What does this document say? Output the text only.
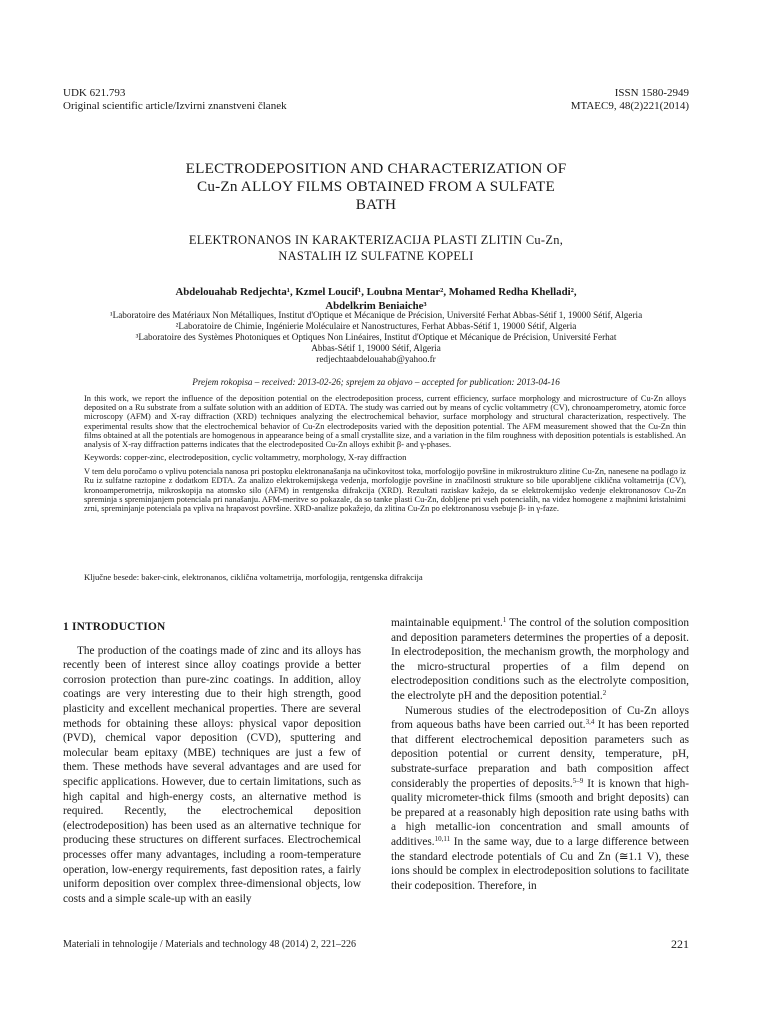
UDK 621.793
Original scientific article/Izvirni znanstveni članek
ISSN 1580-2949
MTAEC9, 48(2)221(2014)
ELECTRODEPOSITION AND CHARACTERIZATION OF
Cu-Zn ALLOY FILMS OBTAINED FROM A SULFATE
BATH
ELEKTRONANOS IN KARAKTERIZACIJA PLASTI ZLITIN Cu-Zn,
NASTALIH IZ SULFATNE KOPELI
Abdelouahab Redjechta¹, Kzmel Loucif¹, Loubna Mentar², Mohamed Redha Khelladi²,
Abdelkrim Beniaiche³
¹Laboratoire des Matériaux Non Métalliques, Institut d'Optique et Mécanique de Précision, Université Ferhat Abbas-Sétif 1, 19000 Sétif, Algeria
²Laboratoire de Chimie, Ingénierie Moléculaire et Nanostructures, Ferhat Abbas-Sétif 1, 19000 Sétif, Algeria
³Laboratoire des Systèmes Photoniques et Optiques Non Linéaires, Institut d'Optique et Mécanique de Précision, Université Ferhat
Abbas-Sétif 1, 19000 Sétif, Algeria
redjechtaabdelouahab@yahoo.fr
Prejem rokopisa – received: 2013-02-26; sprejem za objavo – accepted for publication: 2013-04-16
In this work, we report the influence of the deposition potential on the electrodeposition process, current efficiency, surface morphology and microstructure of Cu-Zn alloys deposited on a Ru substrate from a sulfate solution with an addition of EDTA. The study was carried out by means of cyclic voltammetry (CV), chronoamperometry, atomic force microscopy (AFM) and X-ray diffraction (XRD) techniques analyzing the electrochemical behavior, surface morphology and structural characterization, respectively. The experimental results show that the electrochemical behavior of Cu-Zn electrodeposits varied with the deposition potential. The AFM measurement showed that the Cu-Zn thin films obtained at all the potentials are homogenous in appearance being of a small crystallite size, and a variation in the film roughness with deposition potentials is established. An analysis of X-ray diffraction patterns indicates that the electrodeposited Cu-Zn alloys exhibit β- and γ-phases.
Keywords: copper-zinc, electrodeposition, cyclic voltammetry, morphology, X-ray diffraction
V tem delu poročamo o vplivu potenciala nanosa pri postopku elektronanašanja na učinkovitost toka, morfologijo površine in mikrostrukturo zlitine Cu-Zn, nanesene na podlago iz Ru iz sulfatne raztopine z dodatkom EDTA. Za analizo elektrokemijskega vedenja, morfologije površine in značilnosti strukture so bile uporabljene ciklična voltametrija (CV), kronoamperometrija, mikroskopija na atomsko silo (AFM) in rentgenska difrakcija (XRD). Rezultati raziskav kažejo, da se elektrokemijsko vedenje elektronanosov Cu-Zn spreminja s spreminjanjem potenciala pri nanašanju. AFM-meritve so pokazale, da so tanke plasti Cu-Zn, dobljene pri vseh potencialih, na videz homogene z majhnimi kristalnimi zrni, spreminjanje potenciala pa vpliva na hrapavost površine. XRD-analize pokažejo, da zlitina Cu-Zn po elektronanosu vsebuje β- in γ-faze.
Ključne besede: baker-cink, elektronanos, ciklična voltametrija, morfologija, rentgenska difrakcija
1 INTRODUCTION

The production of the coatings made of zinc and its alloys has recently been of interest since alloy coatings provide a better corrosion protection than pure-zinc coatings. In addition, alloy coatings are very interesting due to their high strength, good plasticity and excellent mechanical properties. There are several methods for obtaining these alloys: physical vapor deposition (PVD), chemical vapor deposition (CVD), sputtering and molecular beam epitaxy (MBE) techniques are just a few of them. These methods have several advantages and are used for specific applications. However, due to certain limitations, such as high capital and high-energy costs, an alternative method is required. Recently, the electrochemical deposition (electrodeposition) has been used as an alternative technique for producing these structures on different surfaces. Electrochemical processes offer many advantages, including a room-temperature operation, low-energy requirements, fast deposition rates, a fairly uniform deposition over complex three-dimensional objects, low costs and a simple scale-up with an easily

maintainable equipment.$^1$ The control of the solution composition and deposition parameters determines the properties of a deposit. In electrodeposition, the mechanism growth, the morphology and the micro-structural properties of a film depend on electrodeposition conditions such as the electrolyte composition, the electrolyte pH and the deposition potential.$^2$

Numerous studies of the electrodeposition of Cu-Zn alloys from aqueous baths have been carried out.$^{3,4}$ It has been reported that different electrochemical deposition parameters such as deposition potential or current density, temperature, pH, substrate-surface preparation and bath composition affect considerably the properties of deposits.$^{5-9}$ It is known that high-quality micrometer-thick films (smooth and bright deposits) can be prepared at a reasonably high deposition rate using baths with a high metallic-ion concentration and small amounts of additives.$^{10,11}$ In the same way, due to a large difference between the standard electrode potentials of Cu and Zn (≅1.1 V), these ions should be complex in electrodeposition solutions to facilitate their codeposition. Therefore, in

Materiali in tehnologije / Materials and technology 48 (2014) 2, 221–226	221
